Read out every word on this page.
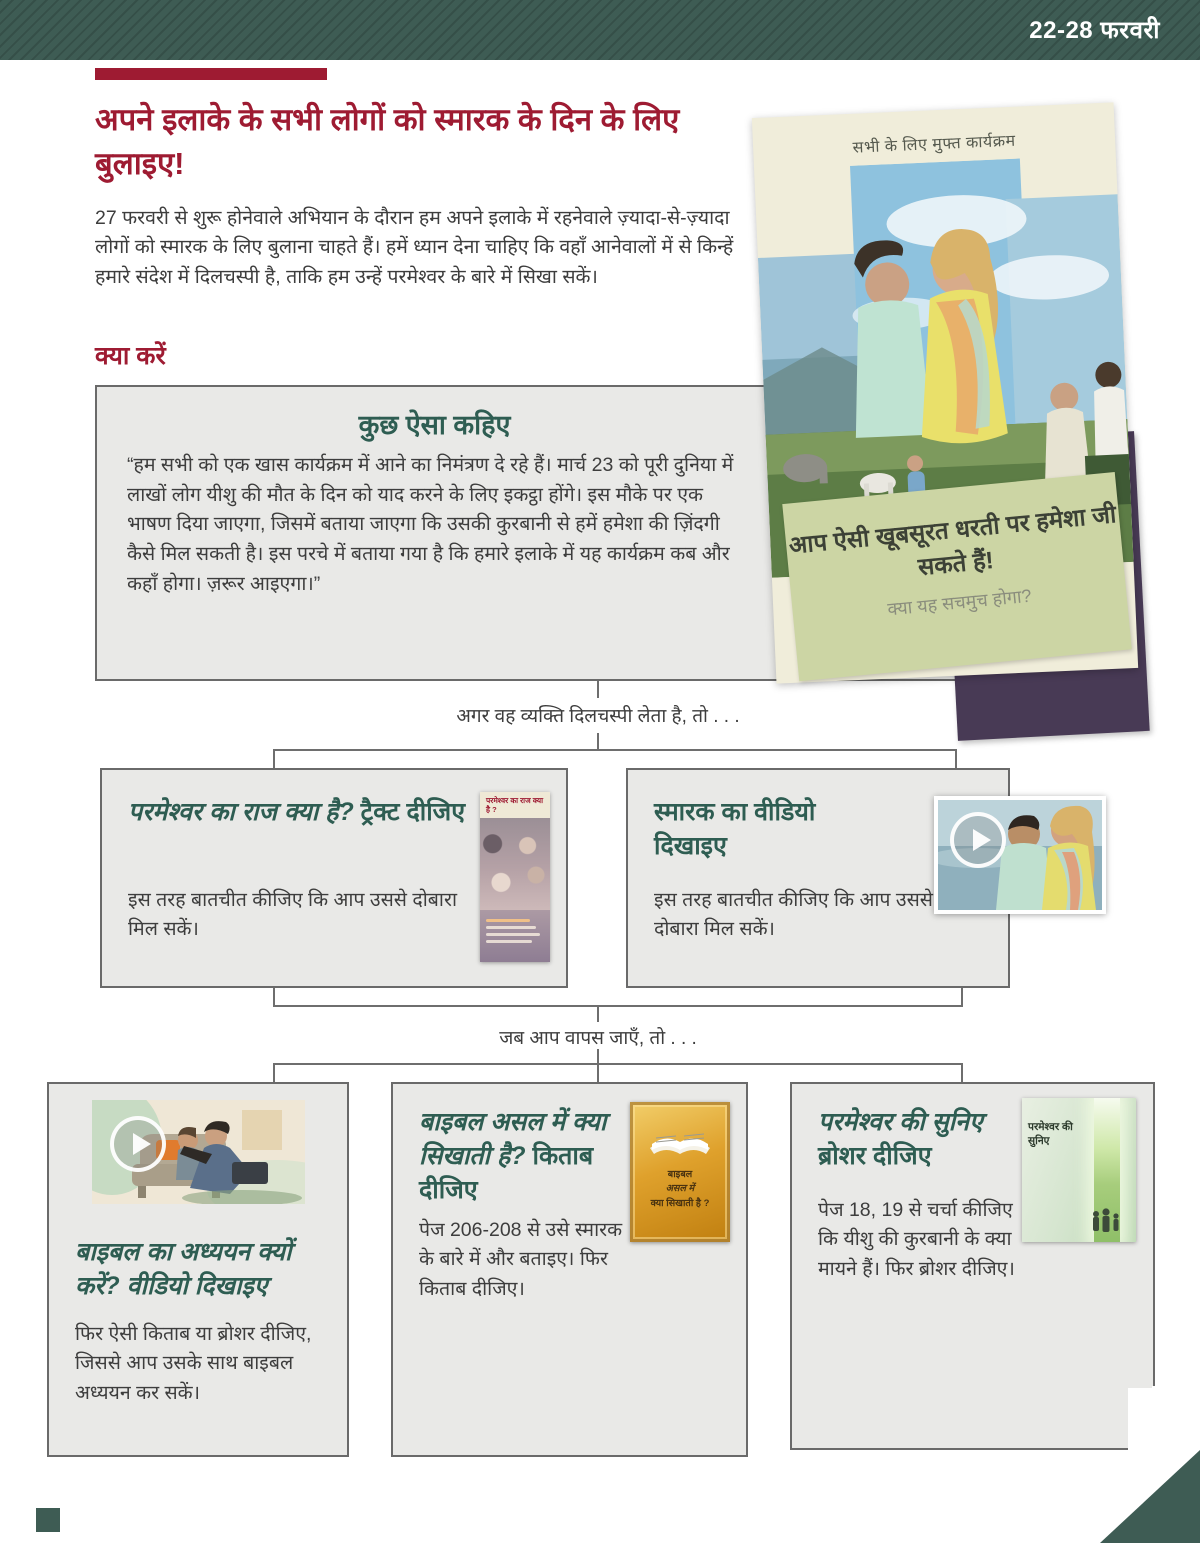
22-28 फरवरी
अपने इलाके के सभी लोगों को स्मारक के दिन के लिए बुलाइए!

27 फरवरी से शुरू होनेवाले अभियान के दौरान हम अपने इलाके में रहनेवाले ज़्यादा-से-ज़्यादा लोगों को स्मारक के लिए बुलाना चाहते हैं। हमें ध्यान देना चाहिए कि वहाँ आनेवालों में से किन्हें हमारे संदेश में दिलचस्पी है, ताकि हम उन्हें परमेश्वर के बारे में सिखा सकें।

क्या करें
कुछ ऐसा कहिए
“हम सभी को एक खास कार्यक्रम में आने का निमंत्रण दे रहे हैं। मार्च 23 को पूरी दुनिया में लाखों लोग यीशु की मौत के दिन को याद करने के लिए इकट्ठा होंगे। इस मौके पर एक भाषण दिया जाएगा, जिसमें बताया जाएगा कि उसकी कुरबानी से हमें हमेशा की ज़िंदगी कैसे मिल सकती है। इस परचे में बताया गया है कि हमारे इलाके में यह कार्यक्रम कब और कहाँ होगा। ज़रूर आइएगा।”
सभी के लिए मुफ्त कार्यक्रम
आप ऐसी खूबसूरत धरती पर हमेशा जी सकते हैं!
क्या यह सचमुच होगा?
अगर वह व्यक्ति दिलचस्पी लेता है, तो . . .
परमेश्वर का राज क्या है? ट्रैक्ट दीजिए
इस तरह बातचीत कीजिए कि आप उससे दोबारा मिल सकें।
परमेश्वर का राज क्या है ?	स्मारक का वीडियो दिखाइए
इस तरह बातचीत कीजिए कि आप उससे दोबारा मिल सकें।
जब आप वापस जाएँ, तो . . .
बाइबल का अध्ययन क्यों करें? वीडियो दिखाइए
फिर ऐसी किताब या ब्रोशर दीजिए, जिससे आप उसके साथ बाइबल अध्ययन कर सकें।
बाइबल असल में क्या सिखाती है? किताब दीजिए
पेज 206-208 से उसे स्मारक के बारे में और बताइए। फिर किताब दीजिए।
बाइबल
असल में
क्या सिखाती है ?
परमेश्वर की सुनिए ब्रोशर दीजिए
पेज 18, 19 से चर्चा कीजिए कि यीशु की कुरबानी के क्या मायने हैं। फिर ब्रोशर दीजिए।
परमेश्वर की सुनिए
